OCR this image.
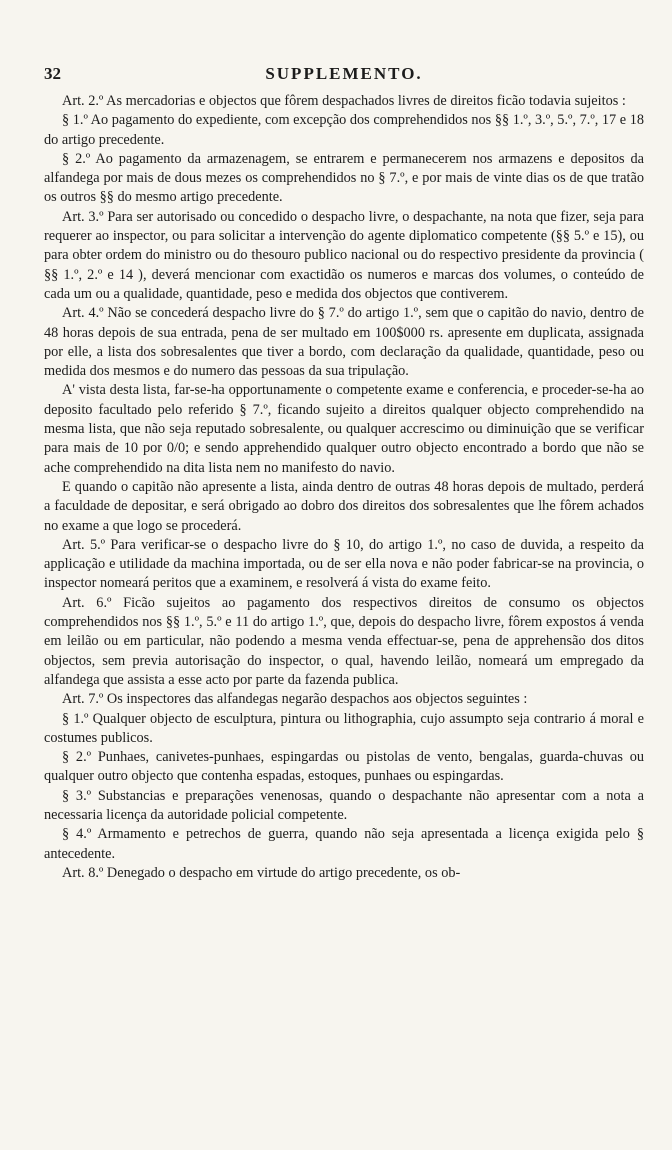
32	SUPPLEMENTO.

Art. 2.º As mercadorias e objectos que fôrem despachados livres de direitos ficão todavia sujeitos :

§ 1.º Ao pagamento do expediente, com excepção dos comprehendidos nos §§ 1.º, 3.º, 5.º, 7.º, 17 e 18 do artigo precedente.

§ 2.º Ao pagamento da armazenagem, se entrarem e permanecerem nos armazens e depositos da alfandega por mais de dous mezes os comprehendidos no § 7.º, e por mais de vinte dias os de que tratão os outros §§ do mesmo artigo precedente.

Art. 3.º Para ser autorisado ou concedido o despacho livre, o despachante, na nota que fizer, seja para requerer ao inspector, ou para solicitar a intervenção do agente diplomatico competente (§§ 5.º e 15), ou para obter ordem do ministro ou do thesouro publico nacional ou do respectivo presidente da provincia ( §§ 1.º, 2.º e 14 ), deverá mencionar com exactidão os numeros e marcas dos volumes, o conteúdo de cada um ou a qualidade, quantidade, peso e medida dos objectos que contiverem.

Art. 4.º Não se concederá despacho livre do § 7.º do artigo 1.º, sem que o capitão do navio, dentro de 48 horas depois de sua entrada, pena de ser multado em 100$000 rs. apresente em duplicata, assignada por elle, a lista dos sobresalentes que tiver a bordo, com declaração da qualidade, quantidade, peso ou medida dos mesmos e do numero das pessoas da sua tripulação.

A' vista desta lista, far-se-ha opportunamente o competente exame e conferencia, e proceder-se-ha ao deposito facultado pelo referido § 7.º, ficando sujeito a direitos qualquer objecto comprehendido na mesma lista, que não seja reputado sobresalente, ou qualquer accrescimo ou diminuição que se verificar para mais de 10 por 0/0; e sendo apprehendido qualquer outro objecto encontrado a bordo que não se ache comprehendido na dita lista nem no manifesto do navio.

E quando o capitão não apresente a lista, ainda dentro de outras 48 horas depois de multado, perderá a faculdade de depositar, e será obrigado ao dobro dos direitos dos sobresalentes que lhe fôrem achados no exame a que logo se procederá.

Art. 5.º Para verificar-se o despacho livre do § 10, do artigo 1.º, no caso de duvida, a respeito da applicação e utilidade da machina importada, ou de ser ella nova e não poder fabricar-se na provincia, o inspector nomeará peritos que a examinem, e resolverá á vista do exame feito.

Art. 6.º Ficão sujeitos ao pagamento dos respectivos direitos de consumo os objectos comprehendidos nos §§ 1.º, 5.º e 11 do artigo 1.º, que, depois do despacho livre, fôrem expostos á venda em leilão ou em particular, não podendo a mesma venda effectuar-se, pena de apprehensão dos ditos objectos, sem previa autorisação do inspector, o qual, havendo leilão, nomeará um empregado da alfandega que assista a esse acto por parte da fazenda publica.

Art. 7.º Os inspectores das alfandegas negarão despachos aos objectos seguintes :

§ 1.º Qualquer objecto de esculptura, pintura ou lithographia, cujo assumpto seja contrario á moral e costumes publicos.

§ 2.º Punhaes, canivetes-punhaes, espingardas ou pistolas de vento, bengalas, guarda-chuvas ou qualquer outro objecto que contenha espadas, estoques, punhaes ou espingardas.

§ 3.º Substancias e preparações venenosas, quando o despachante não apresentar com a nota a necessaria licença da autoridade policial competente.

§ 4.º Armamento e petrechos de guerra, quando não seja apresentada a licença exigida pelo § antecedente.

Art. 8.º Denegado o despacho em virtude do artigo precedente, os ob-
